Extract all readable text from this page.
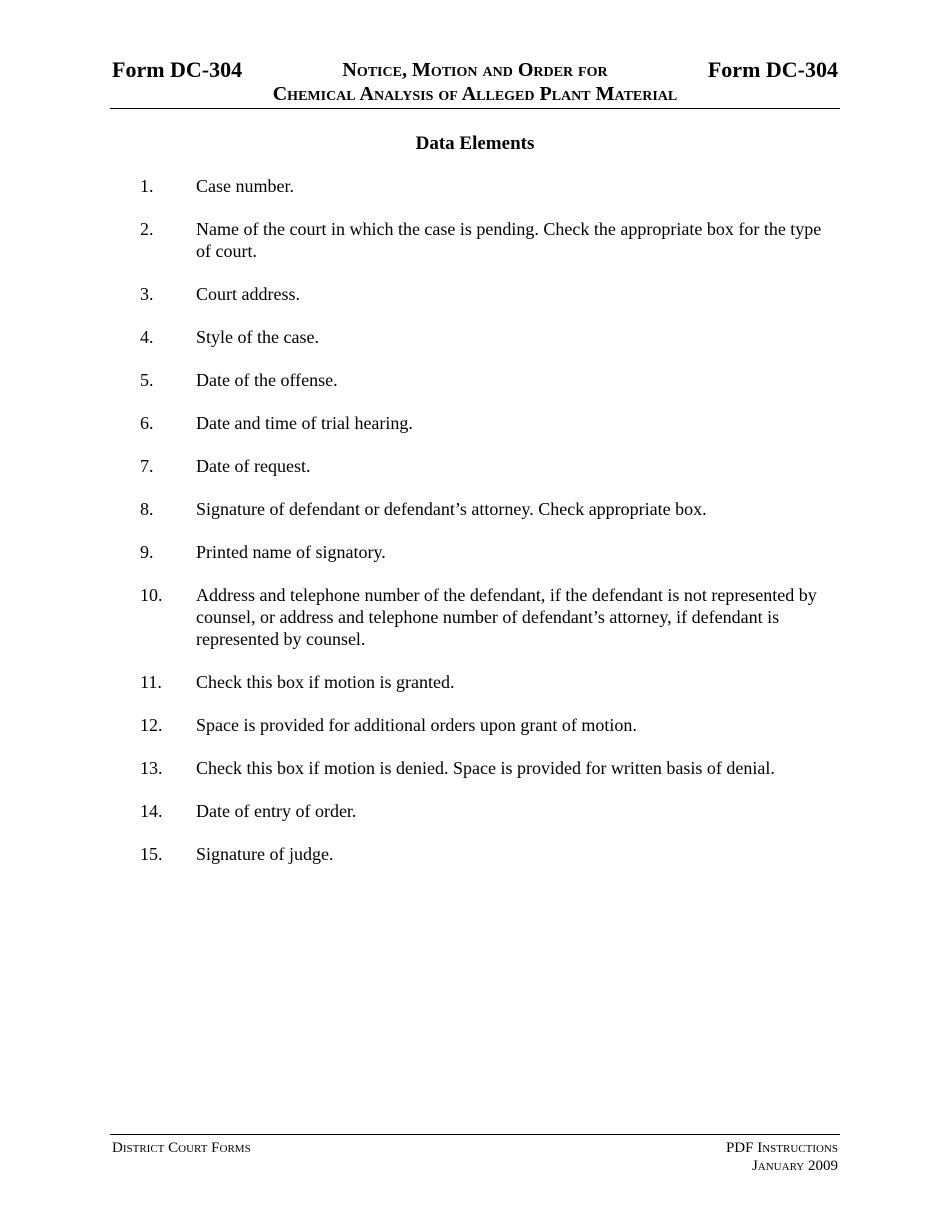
Form DC-304	Notice, Motion and Order for	Form DC-304
Chemical Analysis of Alleged Plant Material
Data Elements
1.	Case number.
2.	Name of the court in which the case is pending. Check the appropriate box for the type of court.
3.	Court address.
4.	Style of the case.
5.	Date of the offense.
6.	Date and time of trial hearing.
7.	Date of request.
8.	Signature of defendant or defendant’s attorney. Check appropriate box.
9.	Printed name of signatory.
10.	Address and telephone number of the defendant, if the defendant is not represented by counsel, or address and telephone number of defendant’s attorney, if defendant is represented by counsel.
11.	Check this box if motion is granted.
12.	Space is provided for additional orders upon grant of motion.
13.	Check this box if motion is denied. Space is provided for written basis of denial.
14.	Date of entry of order.
15.	Signature of judge.
District Court Forms	PDF Instructions
January 2009
